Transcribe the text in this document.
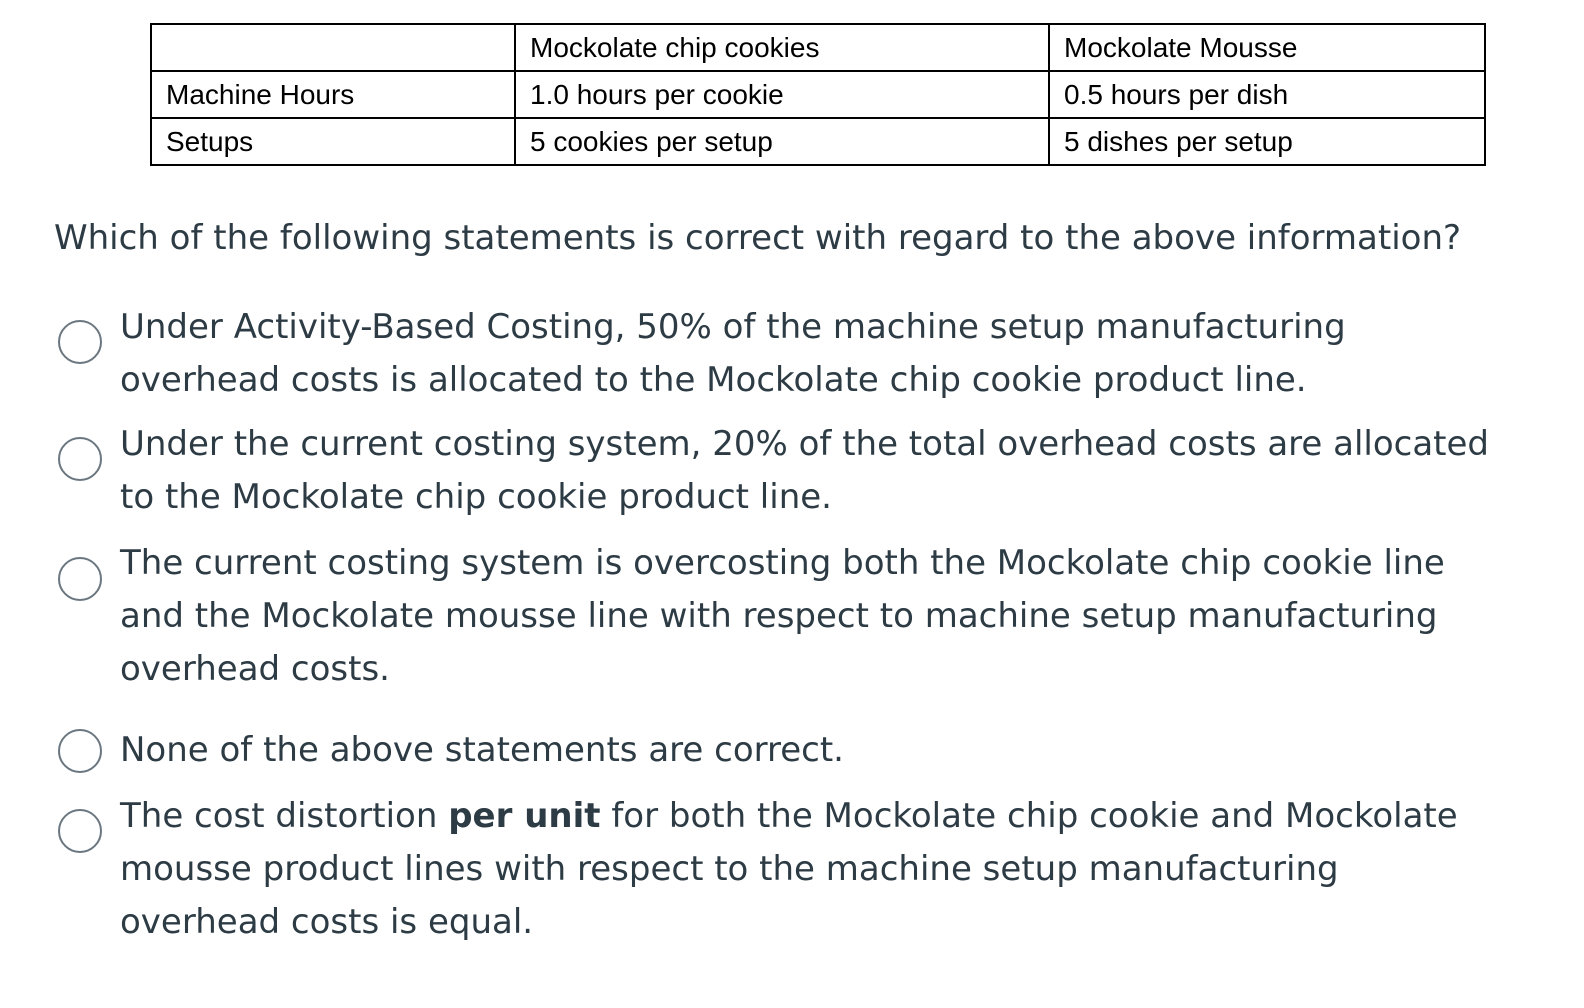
	Mockolate chip cookies	Mockolate Mousse
Machine Hours	1.0 hours per cookie	0.5 hours per dish
Setups	5 cookies per setup	5 dishes per setup
Which of the following statements is correct with regard to the above information?
Under Activity-Based Costing, 50% of the machine setup manufacturing overhead costs is allocated to the Mockolate chip cookie product line.
Under the current costing system, 20% of the total overhead costs are allocated to the Mockolate chip cookie product line.
The current costing system is overcosting both the Mockolate chip cookie line and the Mockolate mousse line with respect to machine setup manufacturing overhead costs.
None of the above statements are correct.
The cost distortion per unit for both the Mockolate chip cookie and Mockolate mousse product lines with respect to the machine setup manufacturing overhead costs is equal.
